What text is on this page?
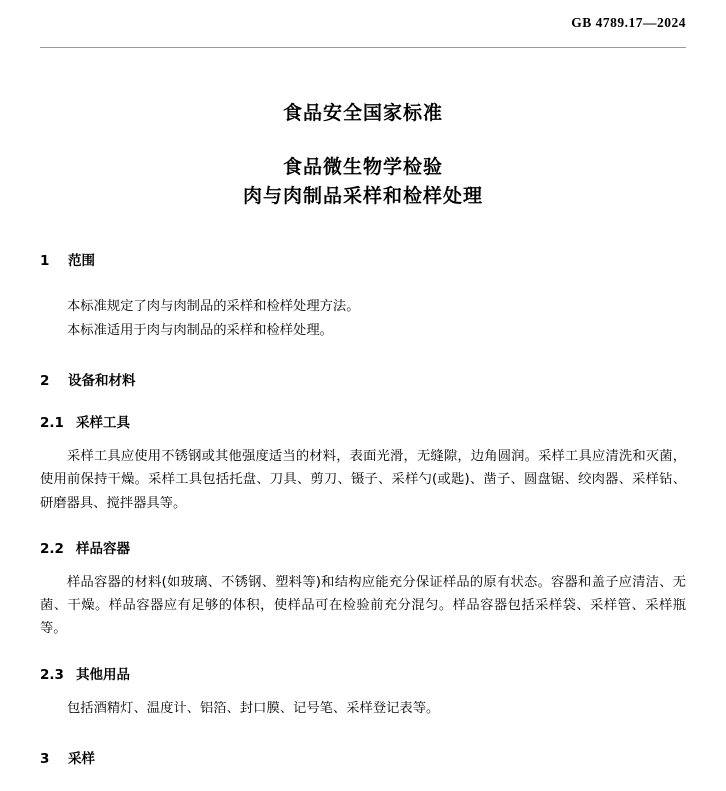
GB 4789.17—2024
食品安全国家标准
食品微生物学检验
肉与肉制品采样和检样处理
1	范围

本标准规定了肉与肉制品的采样和检样处理方法。

本标准适用于肉与肉制品的采样和检样处理。

2	设备和材料
2.1 采样工具

采样工具应使用不锈钢或其他强度适当的材料，表面光滑，无缝隙，边角圆润。采样工具应清洗和灭菌，使用前保持干燥。采样工具包括托盘、刀具、剪刀、镊子、采样勺(或匙)、凿子、圆盘锯、绞肉器、采样钻、研磨器具、搅拌器具等。

2.2 样品容器

样品容器的材料(如玻璃、不锈钢、塑料等)和结构应能充分保证样品的原有状态。容器和盖子应清洁、无菌、干燥。样品容器应有足够的体积，使样品可在检验前充分混匀。样品容器包括采样袋、采样管、采样瓶等。

2.3 其他用品

包括酒精灯、温度计、铝箔、封口膜、记号笔、采样登记表等。

3	采样
